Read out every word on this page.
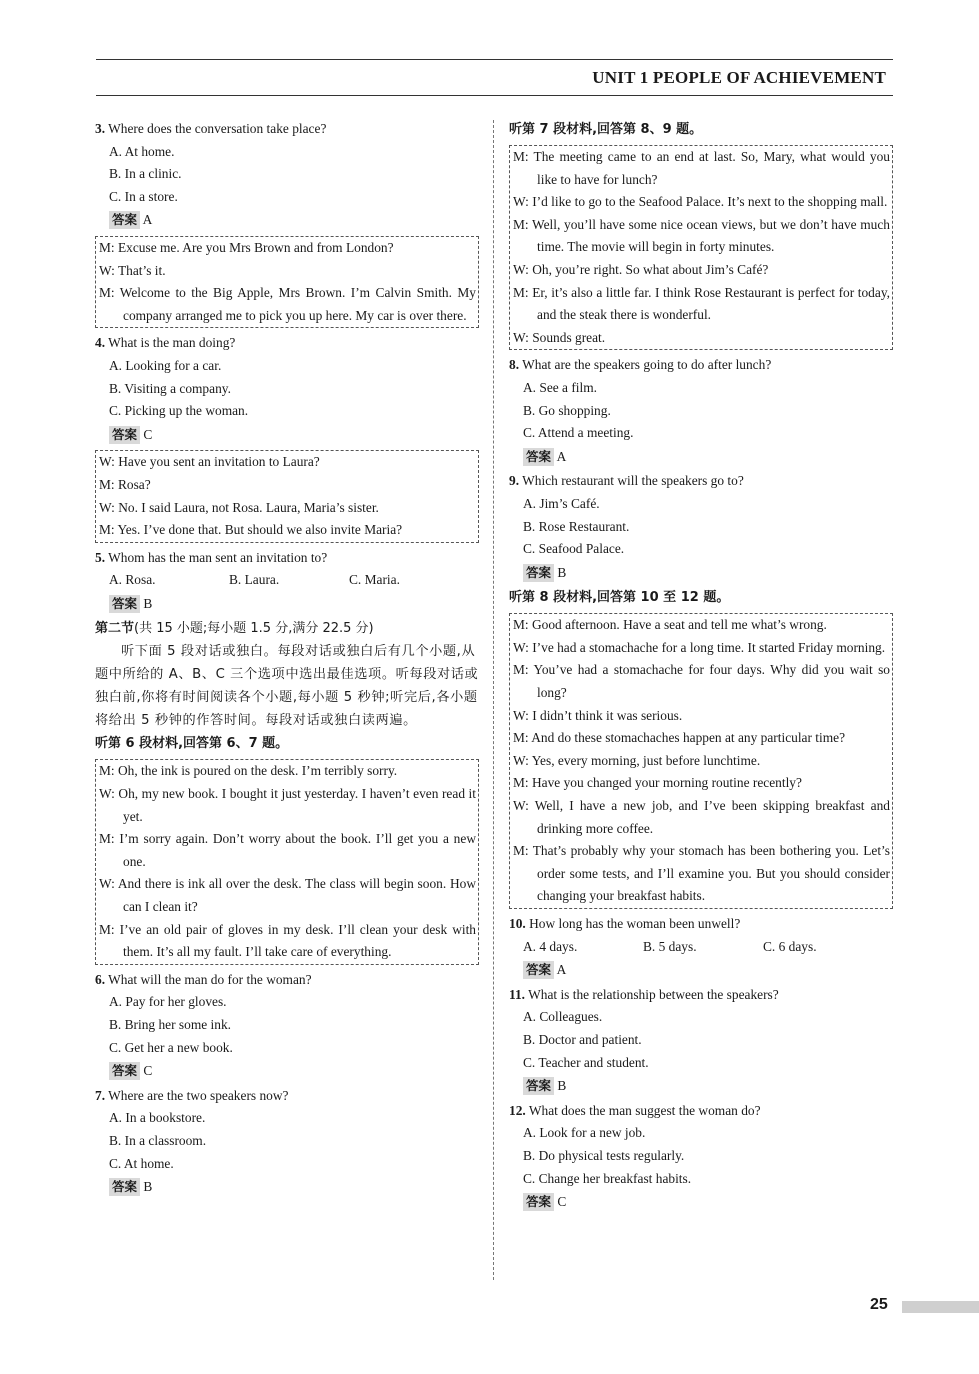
UNIT 1 PEOPLE OF ACHIEVEMENT
3. Where does the conversation take place?
A. At home.
B. In a clinic.
C. In a store.
答案 A
M: Excuse me. Are you Mrs Brown and from London?
W: That’s it.
M: Welcome to the Big Apple, Mrs Brown. I’m Calvin Smith. My company arranged me to pick you up here. My car is over there.
4. What is the man doing?
A. Looking for a car.
B. Visiting a company.
C. Picking up the woman.
答案 C
W: Have you sent an invitation to Laura?
M: Rosa?
W: No. I said Laura, not Rosa. Laura, Maria’s sister.
M: Yes. I’ve done that. But should we also invite Maria?
5. Whom has the man sent an invitation to?
A. Rosa.	B. Laura.	C. Maria.
答案 B
第二节(共 15 小题;每小题 1.5 分,满分 22.5 分)
听下面 5 段对话或独白。每段对话或独白后有几个小题,从题中所给的 A、B、C 三个选项中选出最佳选项。听每段对话或独白前,你将有时间阅读各个小题,每小题 5 秒钟;听完后,各小题将给出 5 秒钟的作答时间。每段对话或独白读两遍。
听第 6 段材料,回答第 6、7 题。
M: Oh, the ink is poured on the desk. I’m terribly sorry.
W: Oh, my new book. I bought it just yesterday. I haven’t even read it yet.
M: I’m sorry again. Don’t worry about the book. I’ll get you a new one.
W: And there is ink all over the desk. The class will begin soon. How can I clean it?
M: I’ve an old pair of gloves in my desk. I’ll clean your desk with them. It’s all my fault. I’ll take care of everything.
6. What will the man do for the woman?
A. Pay for her gloves.
B. Bring her some ink.
C. Get her a new book.
答案 C
7. Where are the two speakers now?
A. In a bookstore.
B. In a classroom.
C. At home.
答案 B
听第 7 段材料,回答第 8、9 题。
M: The meeting came to an end at last. So, Mary, what would you like to have for lunch?
W: I’d like to go to the Seafood Palace. It’s next to the shopping mall.
M: Well, you’ll have some nice ocean views, but we don’t have much time. The movie will begin in forty minutes.
W: Oh, you’re right. So what about Jim’s Café?
M: Er, it’s also a little far. I think Rose Restaurant is perfect for today, and the steak there is wonderful.
W: Sounds great.
8. What are the speakers going to do after lunch?
A. See a film.
B. Go shopping.
C. Attend a meeting.
答案 A
9. Which restaurant will the speakers go to?
A. Jim’s Café.
B. Rose Restaurant.
C. Seafood Palace.
答案 B
听第 8 段材料,回答第 10 至 12 题。
M: Good afternoon. Have a seat and tell me what’s wrong.
W: I’ve had a stomachache for a long time. It started Friday morning.
M: You’ve had a stomachache for four days. Why did you wait so long?
W: I didn’t think it was serious.
M: And do these stomachaches happen at any particular time?
W: Yes, every morning, just before lunchtime.
M: Have you changed your morning routine recently?
W: Well, I have a new job, and I’ve been skipping breakfast and drinking more coffee.
M: That’s probably why your stomach has been bothering you. Let’s order some tests, and I’ll examine you. But you should consider changing your breakfast habits.
10. How long has the woman been unwell?
A. 4 days.	B. 5 days.	C. 6 days.
答案 A
11. What is the relationship between the speakers?
A. Colleagues.
B. Doctor and patient.
C. Teacher and student.
答案 B
12. What does the man suggest the woman do?
A. Look for a new job.
B. Do physical tests regularly.
C. Change her breakfast habits.
答案 C
25
